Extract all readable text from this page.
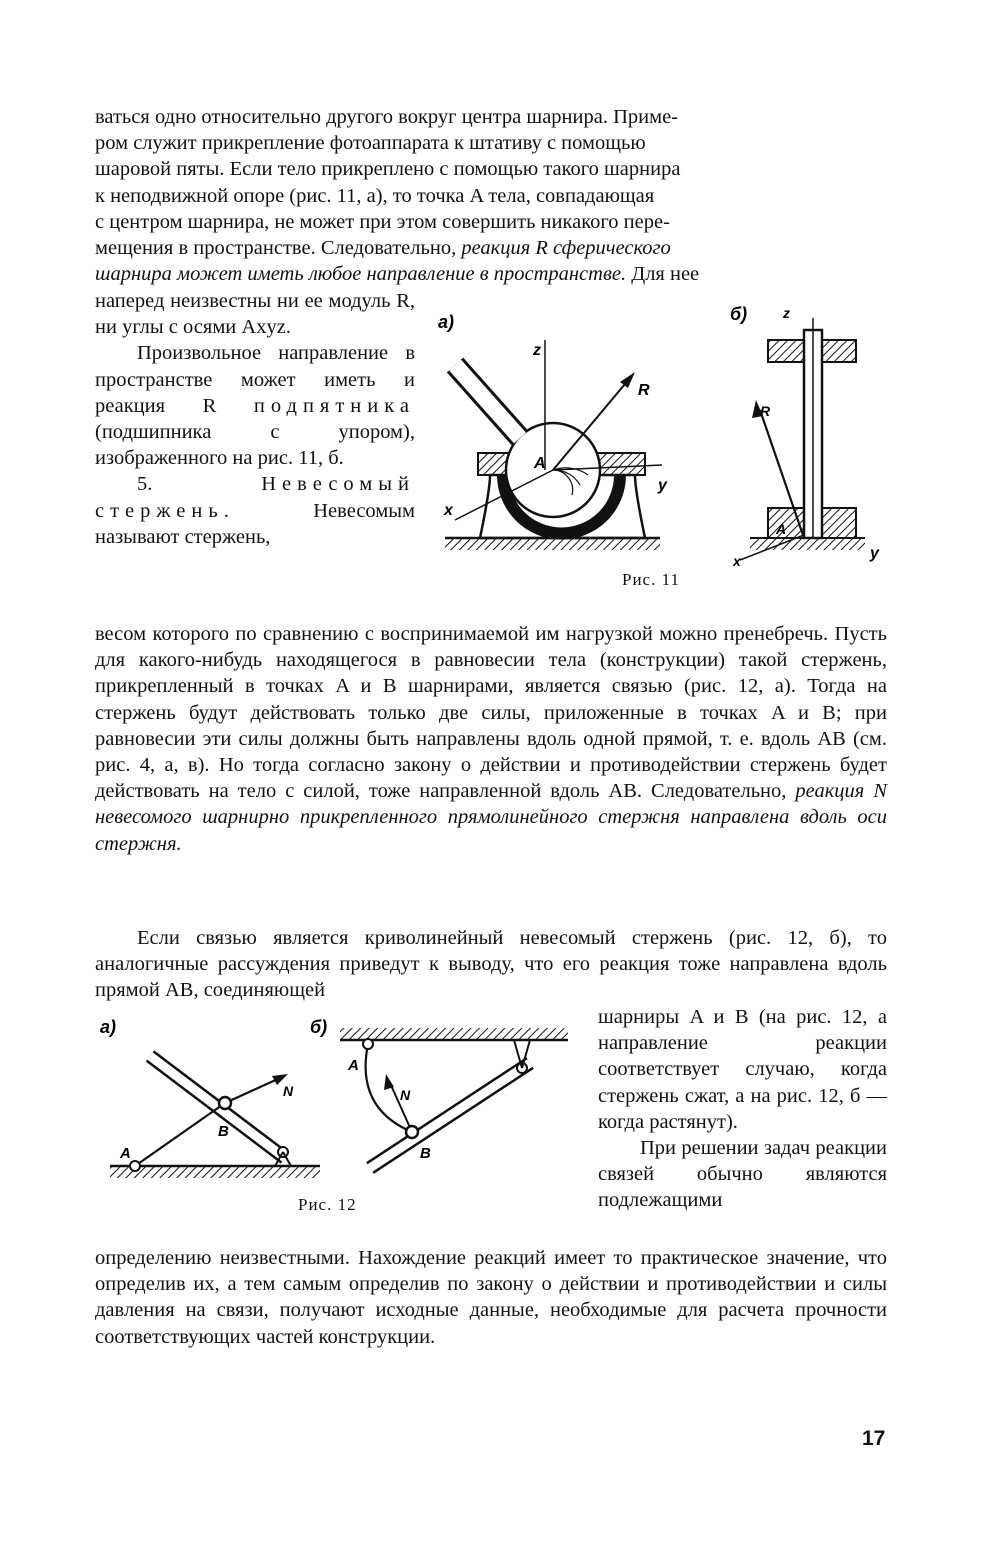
ваться одно относительно другого вокруг центра шарнира. Приме-

ром служит прикрепление фотоаппарата к штативу с помощью

шаровой пяты. Если тело прикреплено с помощью такого шарнира

к неподвижной опоре (рис. 11, а), то точка A тела, совпадающая

с центром шарнира, не может при этом совершить никакого пере-

мещения в пространстве. Следовательно, реакция R сферического

шарнира может иметь любое направление в пространстве. Для нее

наперед неизвестны ни ее модуль R, ни углы с осями Axyz.

Произвольное направление в пространстве может иметь и реакция R подпятника (подшипника с упором), изображенного на рис. 11, б.

5.	Невесомый стержень.	Невесомым называют стержень,

а)
z
R
A
y
x
б)	z
R
A
x	y
Рис. 11

весом которого по сравнению с воспринимаемой им нагрузкой можно пренебречь. Пусть для какого-нибудь находящегося в равновесии тела (конструкции) такой стержень, прикрепленный в точках A и B шарнирами, является связью (рис. 12, а). Тогда на стержень будут действовать только две силы, приложенные в точках A и B; при равновесии эти силы должны быть направлены вдоль одной прямой, т. е. вдоль AB (см. рис. 4, а, в). Но тогда согласно закону о действии и противодействии стержень будет действовать на тело с силой, тоже направленной вдоль AB. Следовательно, реакция N невесомого шарнирно прикрепленного прямолинейного стержня направлена вдоль оси стержня.

Если связью является криволинейный невесомый стержень (рис. 12, б), то аналогичные рассуждения приведут к выводу, что его реакция тоже направлена вдоль прямой AB, соединяющей

а)
A
B
N
б)
A
B
N
Рис. 12

шарниры A и B (на рис. 12, а направление реакции соответствует случаю, когда стержень сжат, а на рис. 12, б — когда растянут).

При решении задач реакции связей обычно являются подлежащими

определению неизвестными. Нахождение реакций имеет то практическое значение, что определив их, а тем самым определив по закону о действии и противодействии и силы давления на связи, получают исходные данные, необходимые для расчета прочности соответствующих частей конструкции.

17
